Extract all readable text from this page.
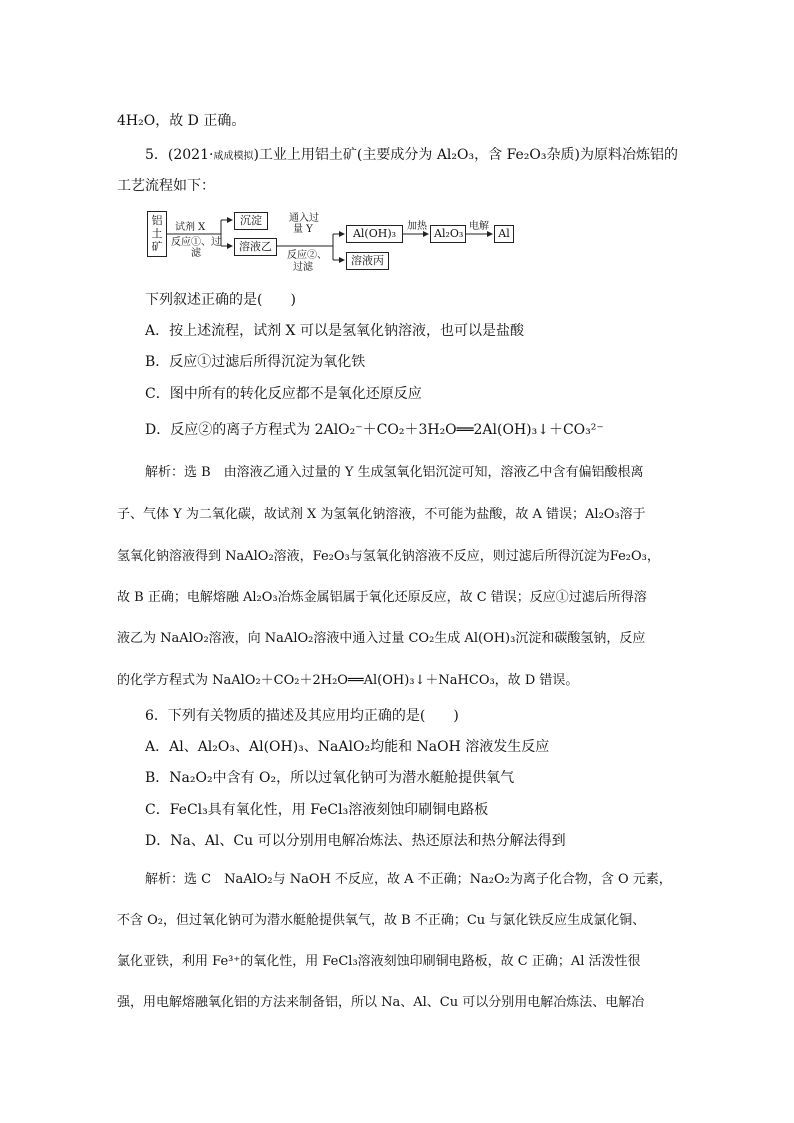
4H₂O，故 D 正确。
5．(2021·咸成模拟)工业上用铝土矿(主要成分为 Al₂O₃，含 Fe₂O₃杂质)为原料冶炼铝的
工艺流程如下：
铝土矿
试剂 X
反应①、过滤
沉淀
溶液乙
通入过
量 Y
反应②、
过滤
Al(OH)₃
溶液丙
加热
Al₂O₃
电解
Al
下列叙述正确的是(　　)
A．按上述流程，试剂 X 可以是氢氧化钠溶液，也可以是盐酸
B．反应①过滤后所得沉淀为氧化铁
C．图中所有的转化反应都不是氧化还原反应
D．反应②的离子方程式为 2AlO₂⁻＋CO₂＋3H₂O══2Al(OH)₃↓＋CO₃²⁻
解析：选 B　由溶液乙通入过量的 Y 生成氢氧化铝沉淀可知，溶液乙中含有偏铝酸根离
子、气体 Y 为二氧化碳，故试剂 X 为氢氧化钠溶液，不可能为盐酸，故 A 错误；Al₂O₃溶于
氢氧化钠溶液得到 NaAlO₂溶液，Fe₂O₃与氢氧化钠溶液不反应，则过滤后所得沉淀为Fe₂O₃，
故 B 正确；电解熔融 Al₂O₃冶炼金属铝属于氧化还原反应，故 C 错误；反应①过滤后所得溶
液乙为 NaAlO₂溶液，向 NaAlO₂溶液中通入过量 CO₂生成 Al(OH)₃沉淀和碳酸氢钠，反应
的化学方程式为 NaAlO₂＋CO₂＋2H₂O══Al(OH)₃↓＋NaHCO₃，故 D 错误。
6．下列有关物质的描述及其应用均正确的是(　　)
A．Al、Al₂O₃、Al(OH)₃、NaAlO₂均能和 NaOH 溶液发生反应
B．Na₂O₂中含有 O₂，所以过氧化钠可为潜水艇舱提供氧气
C．FeCl₃具有氧化性，用 FeCl₃溶液刻蚀印刷铜电路板
D．Na、Al、Cu 可以分别用电解冶炼法、热还原法和热分解法得到
解析：选 C　NaAlO₂与 NaOH 不反应，故 A 不正确；Na₂O₂为离子化合物，含 O 元素，
不含 O₂，但过氧化钠可为潜水艇舱提供氧气，故 B 不正确；Cu 与氯化铁反应生成氯化铜、
氯化亚铁，利用 Fe³⁺的氧化性，用 FeCl₃溶液刻蚀印刷铜电路板，故 C 正确；Al 活泼性很
强，用电解熔融氧化铝的方法来制备铝，所以 Na、Al、Cu 可以分别用电解冶炼法、电解冶
